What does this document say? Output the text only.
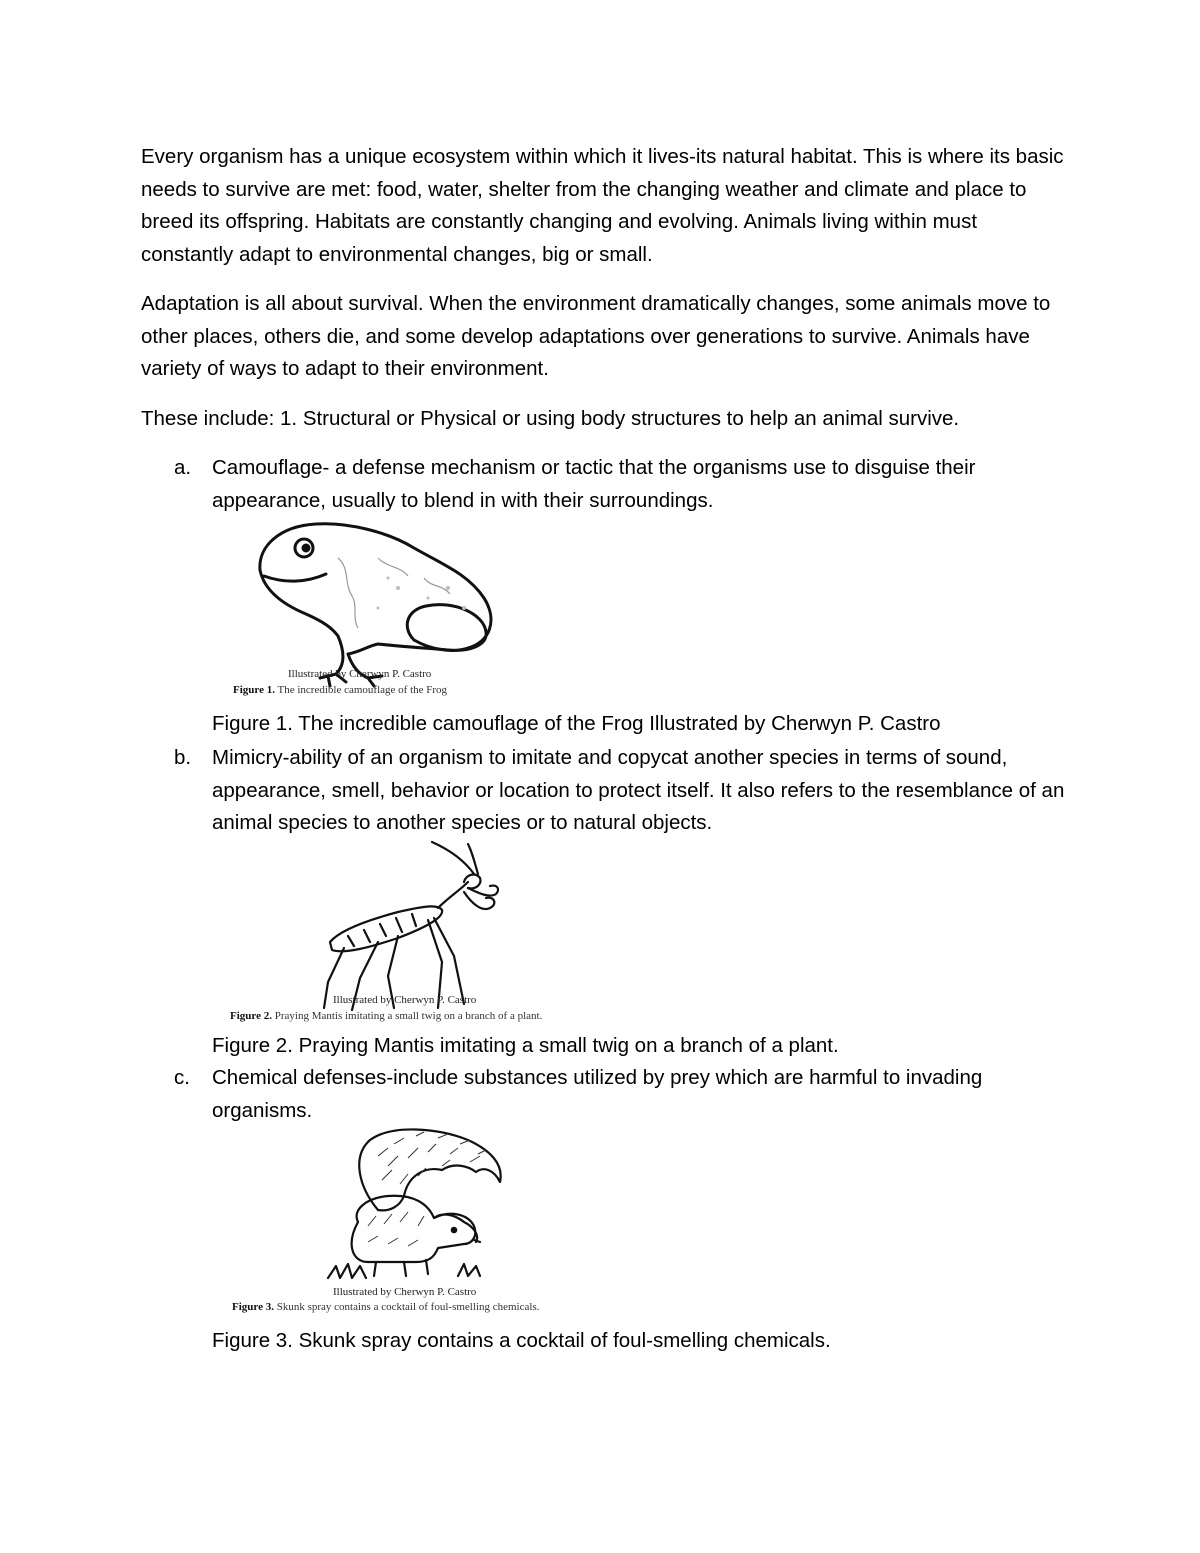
Every organism has a unique ecosystem within which it lives-its natural habitat. This is where its basic needs to survive are met: food, water, shelter from the changing weather and climate and place to breed its offspring. Habitats are constantly changing and evolving. Animals living within must constantly adapt to environmental changes, big or small.

Adaptation is all about survival. When the environment dramatically changes, some animals move to other places, others die, and some develop adaptations over generations to survive. Animals have variety of ways to adapt to their environment.

These include: 1. Structural or Physical or using body structures to help an animal survive.

a.	Camouflage- a defense mechanism or tactic that the organisms use to disguise their appearance, usually to blend in with their surroundings.
Illustrated by Cherwyn P. Castro
Figure 1. The incredible camouflage of the Frog
Figure 1. The incredible camouflage of the Frog Illustrated by Cherwyn P. Castro
b.	Mimicry-ability of an organism to imitate and copycat another species in terms of sound, appearance, smell, behavior or location to protect itself. It also refers to the resemblance of an animal species to another species or to natural objects.
Illustrated by Cherwyn P. Castro
Figure 2. Praying Mantis imitating a small twig on a branch of a plant.
Figure 2. Praying Mantis imitating a small twig on a branch of a plant.
c.	Chemical defenses-include substances utilized by prey which are harmful to invading organisms.
Illustrated by Cherwyn P. Castro
Figure 3. Skunk spray contains a cocktail of foul-smelling chemicals.
Figure 3. Skunk spray contains a cocktail of foul-smelling chemicals.
